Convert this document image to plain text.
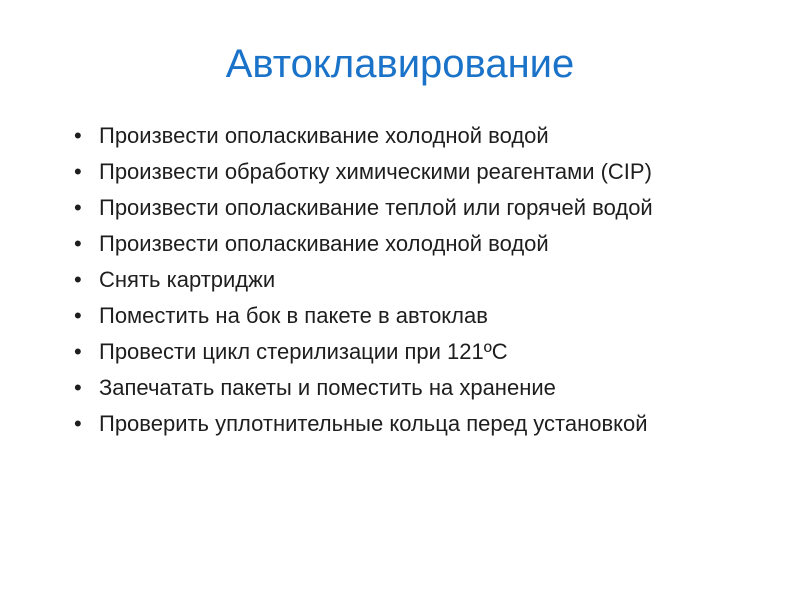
Автоклавирование
• Произвести ополаскивание холодной водой
• Произвести обработку химическими реагентами (CIP)
• Произвести ополаскивание теплой или горячей водой
• Произвести ополаскивание холодной водой
• Снять картриджи
• Поместить на бок в пакете в автоклав
• Провести цикл стерилизации при 121ºС
• Запечатать пакеты и поместить на хранение
• Проверить уплотнительные кольца перед установкой
